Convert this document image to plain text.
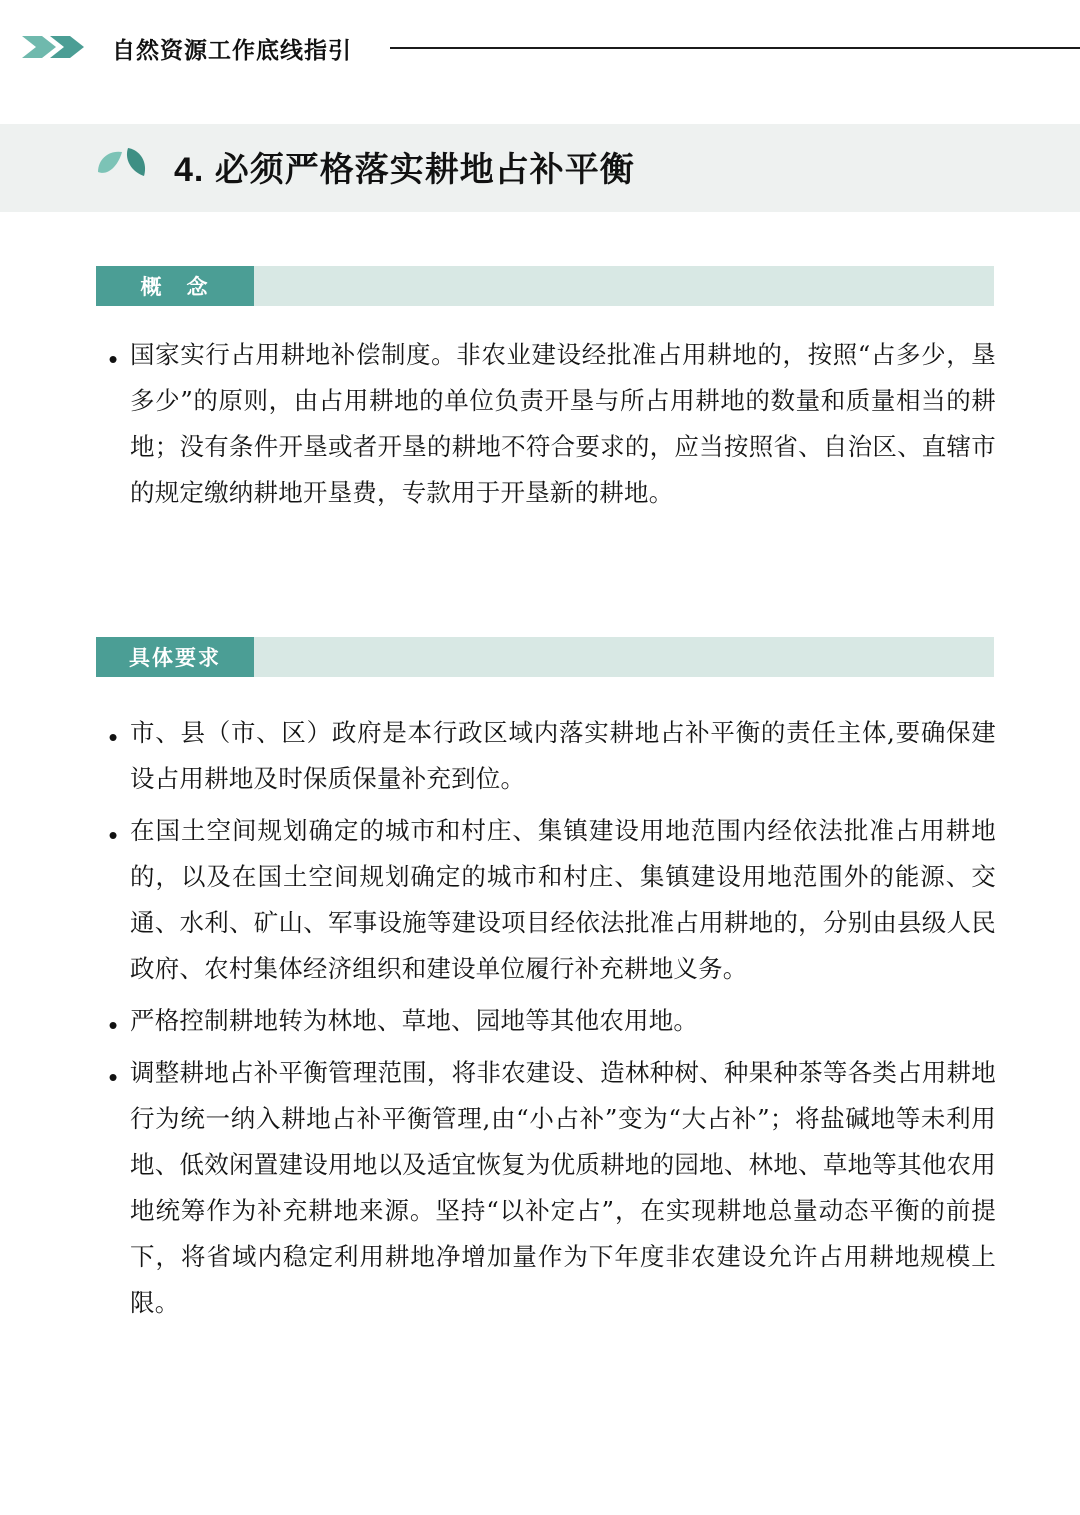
自然资源工作底线指引
4. 必须严格落实耕地占补平衡
概　念
• 国家实行占用耕地补偿制度。非农业建设经批准占用耕地的，按照“占多少，垦多少”的原则，由占用耕地的单位负责开垦与所占用耕地的数量和质量相当的耕地；没有条件开垦或者开垦的耕地不符合要求的，应当按照省、自治区、直辖市的规定缴纳耕地开垦费，专款用于开垦新的耕地。
具体要求
• 市、县（市、区）政府是本行政区域内落实耕地占补平衡的责任主体,要确保建设占用耕地及时保质保量补充到位。
• 在国土空间规划确定的城市和村庄、集镇建设用地范围内经依法批准占用耕地的，以及在国土空间规划确定的城市和村庄、集镇建设用地范围外的能源、交通、水利、矿山、军事设施等建设项目经依法批准占用耕地的，分别由县级人民政府、农村集体经济组织和建设单位履行补充耕地义务。
• 严格控制耕地转为林地、草地、园地等其他农用地。
• 调整耕地占补平衡管理范围，将非农建设、造林种树、种果种茶等各类占用耕地行为统一纳入耕地占补平衡管理,由“小占补”变为“大占补”；将盐碱地等未利用地、低效闲置建设用地以及适宜恢复为优质耕地的园地、林地、草地等其他农用地统筹作为补充耕地来源。坚持“以补定占”，在实现耕地总量动态平衡的前提下，将省域内稳定利用耕地净增加量作为下年度非农建设允许占用耕地规模上限。
